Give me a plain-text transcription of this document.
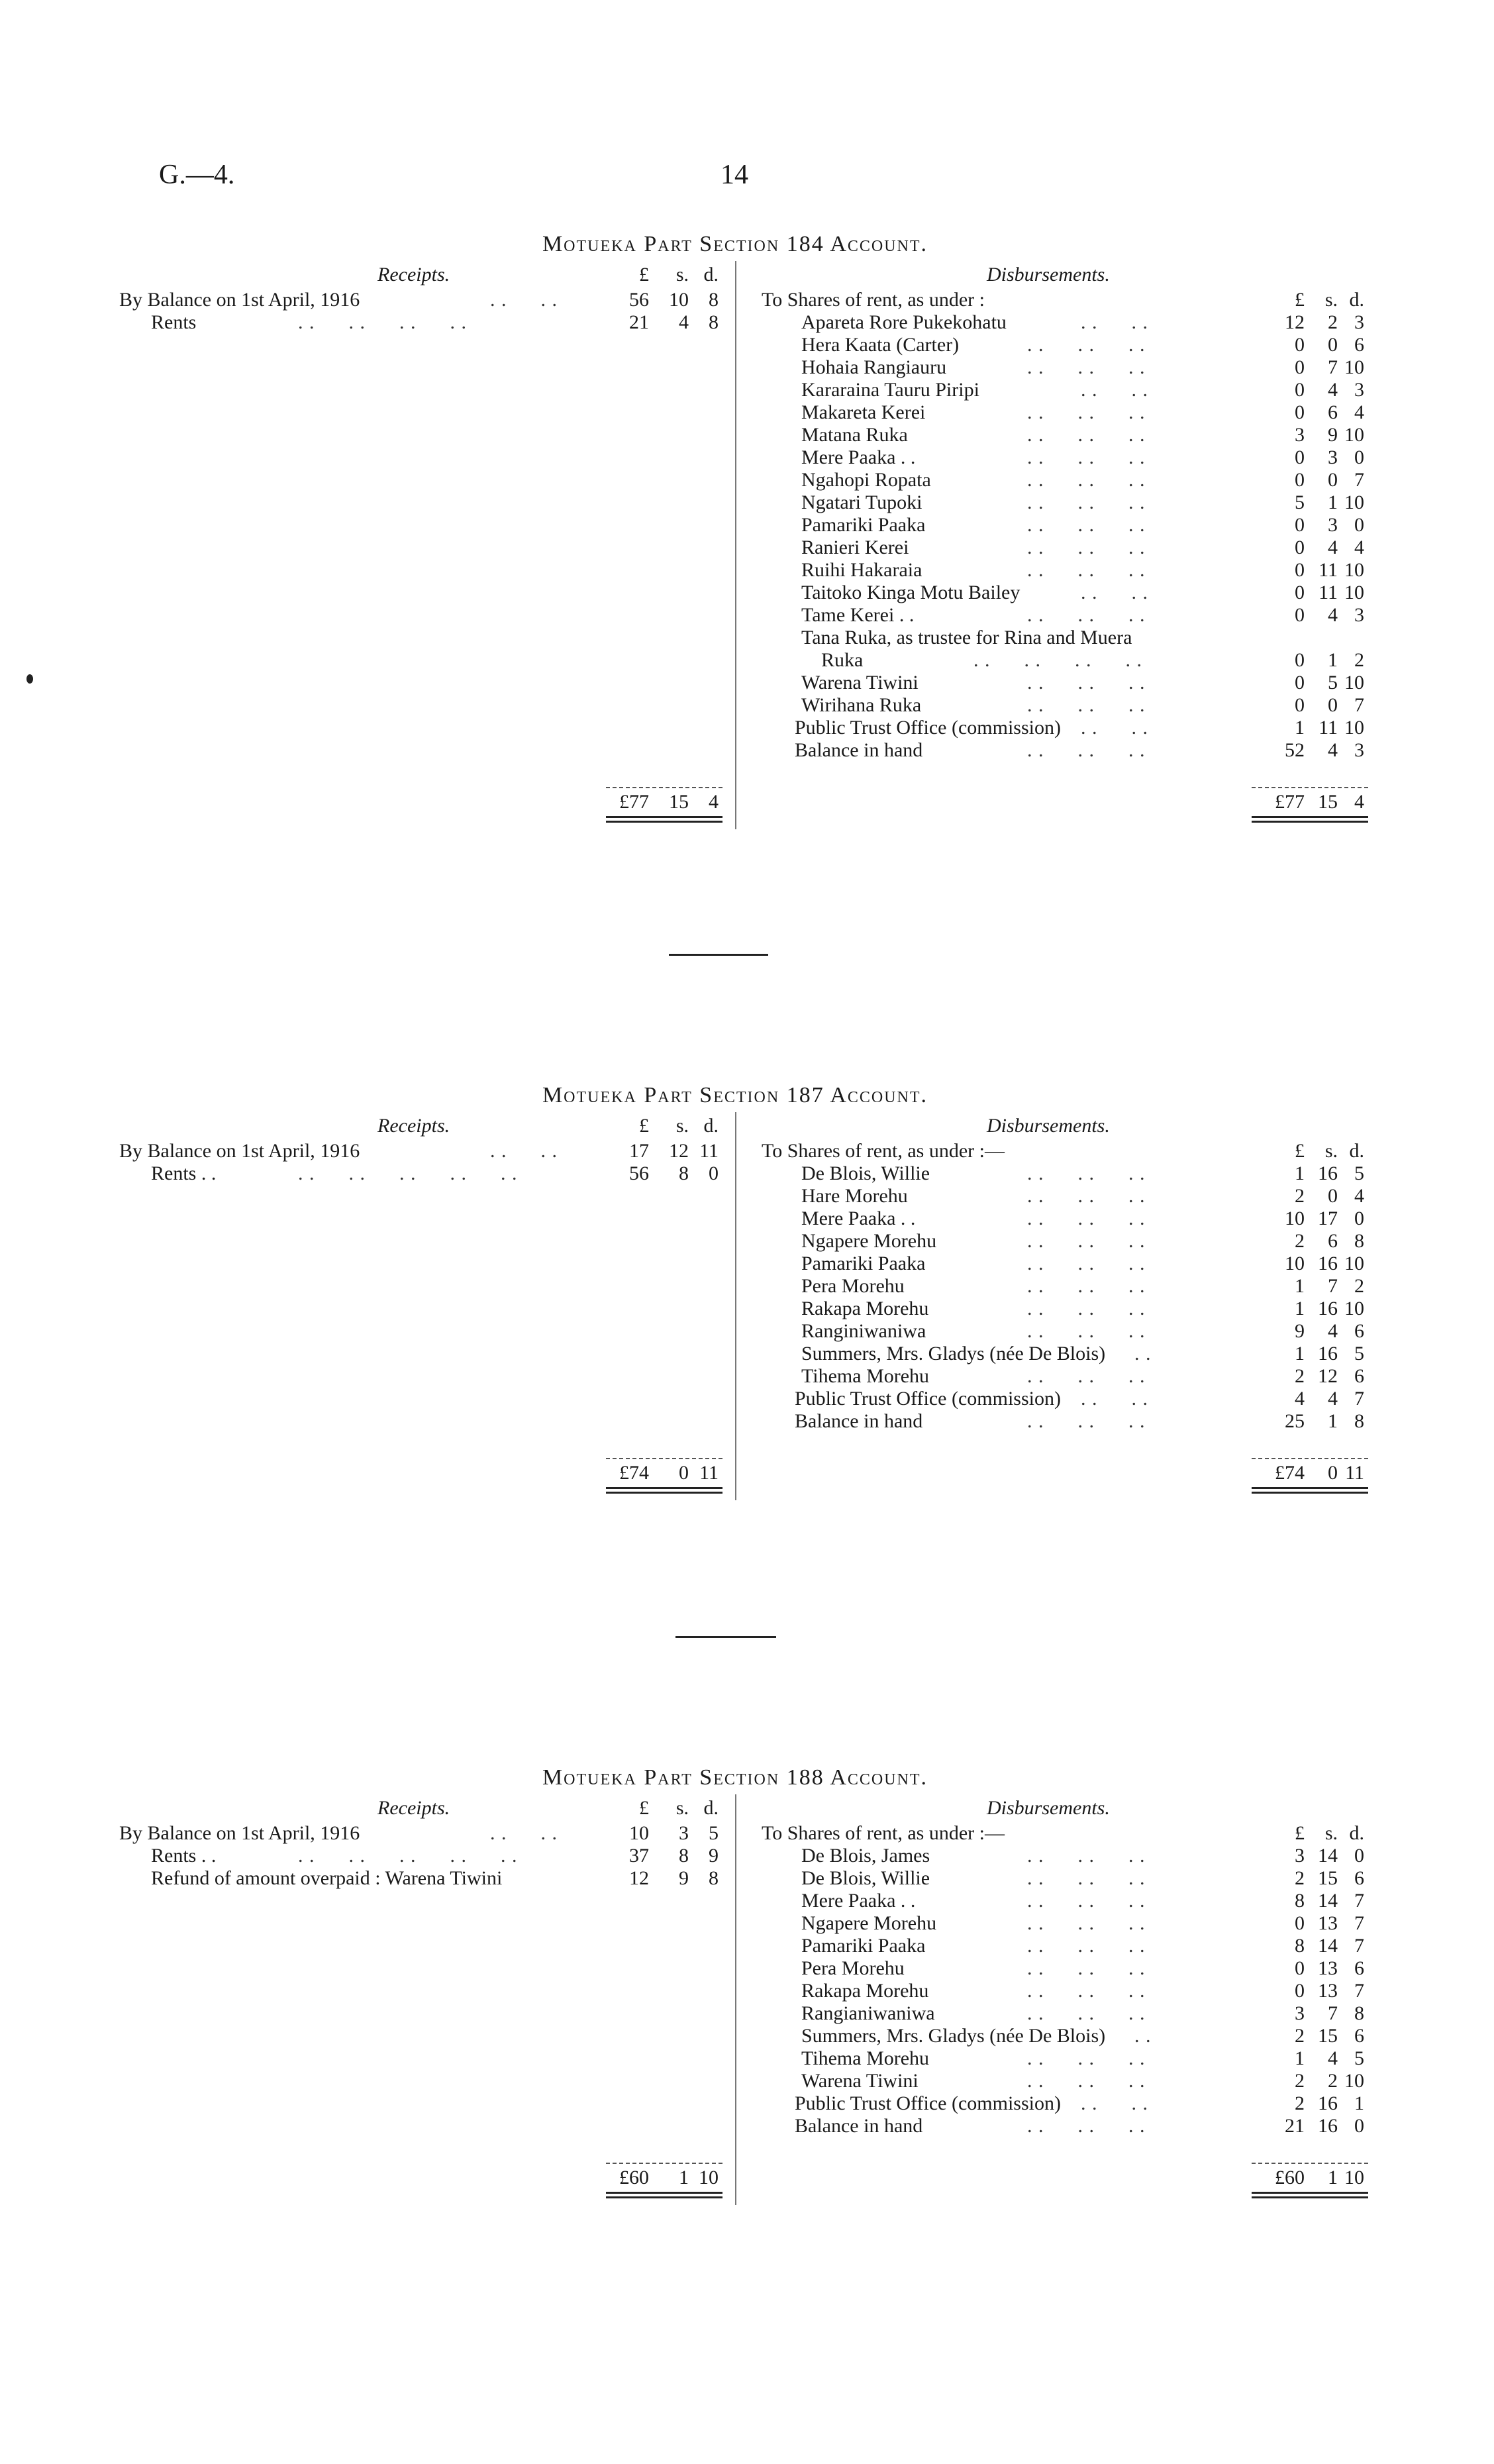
G.—4.	14
Motueka Part Section 184 Account.
Receipts.	Disbursements.
£	s. d.
By Balance on 1st April, 1916	. .      . .	56	10	8
Rents	. .      . .      . .      . .	21	4	8
To Shares of rent, as under :	£	s. d.
Apareta Rore Pukekohatu	. .      . .	12	2 3
Hera Kaata (Carter)	. .      . .      . .	0	0 6
Hohaia Rangiauru	. .      . .      . .	0	7 10
Kararaina Tauru Piripi	. .      . .	0	4 3
Makareta Kerei	. .      . .      . .	0	6 4
Matana Ruka	. .      . .      . .	3	9 10
Mere Paaka . .	. .      . .      . .	0	3 0
Ngahopi Ropata	. .      . .      . .	0	0 7
Ngatari Tupoki	. .      . .      . .	5	1 10
Pamariki Paaka	. .      . .      . .	0	3 0
Ranieri Kerei	. .      . .      . .	0	4 4
Ruihi Hakaraia	. .      . .      . .	0 11 10
Taitoko Kinga Motu Bailey	. .      . .	0 11 10
Tame Kerei . .	. .      . .      . .	0	4 3
Tana Ruka, as trustee for Rina and Muera
Ruka	. .      . .      . .      . .	0	1 2
Warena Tiwini	. .      . .      . .	0	5 10
Wirihana Ruka	. .      . .      . .	0	0 7
Public Trust Office (commission) . .      . .	1 11 10
Balance in hand	. .      . .      . .	52	4 3
£77	15	4	£77 15 4
Motueka Part Section 187 Account.
Receipts.	Disbursements.
£	s. d.
By Balance on 1st April, 1916	. .      . .	17	12 11
Rents . .	. .      . .      . .      . .      . .	56	8	0
To Shares of rent, as under :—	£	s. d.
De Blois, Willie	. .      . .      . .	1 16 5
Hare Morehu	. .      . .      . .	2	0 4
Mere Paaka . .	. .      . .      . .	10 17 0
Ngapere Morehu	. .      . .      . .	2	6 8
Pamariki Paaka	. .      . .      . .	10 16 10
Pera Morehu	. .      . .      . .	1	7 2
Rakapa Morehu	. .      . .      . .	1 16 10
Ranginiwaniwa	. .      . .      . .	9	4 6
Summers, Mrs. Gladys (née De Blois) . .	1 16 5
Tihema Morehu	. .      . .      . .	2 12 6
Public Trust Office (commission) . .      . .	4	4 7
Balance in hand	. .      . .      . .	25	1 8
£74	0 11	£74	0 11
Motueka Part Section 188 Account.
Receipts.	Disbursements.
£	s. d.
By Balance on 1st April, 1916	. .      . .	10	3	5
Rents . .	. .      . .      . .      . .      . .	37	8	9
Refund of amount overpaid : Warena Tiwini	12	9	8
To Shares of rent, as under :—	£	s. d.
De Blois, James	. .      . .      . .	3 14 0
De Blois, Willie	. .      . .      . .	2 15 6
Mere Paaka . .	. .      . .      . .	8 14 7
Ngapere Morehu	. .      . .      . .	0 13 7
Pamariki Paaka	. .      . .      . .	8 14 7
Pera Morehu	. .      . .      . .	0 13 6
Rakapa Morehu	. .      . .      . .	0 13 7
Rangianiwaniwa	. .      . .      . .	3	7 8
Summers, Mrs. Gladys (née De Blois) . .	2 15 6
Tihema Morehu	. .      . .      . .	1	4 5
Warena Tiwini	. .      . .      . .	2	2 10
Public Trust Office (commission) . .      . .	2 16 1
Balance in hand	. .      . .      . .	21 16 0
£60	1 10	£60	1 10
